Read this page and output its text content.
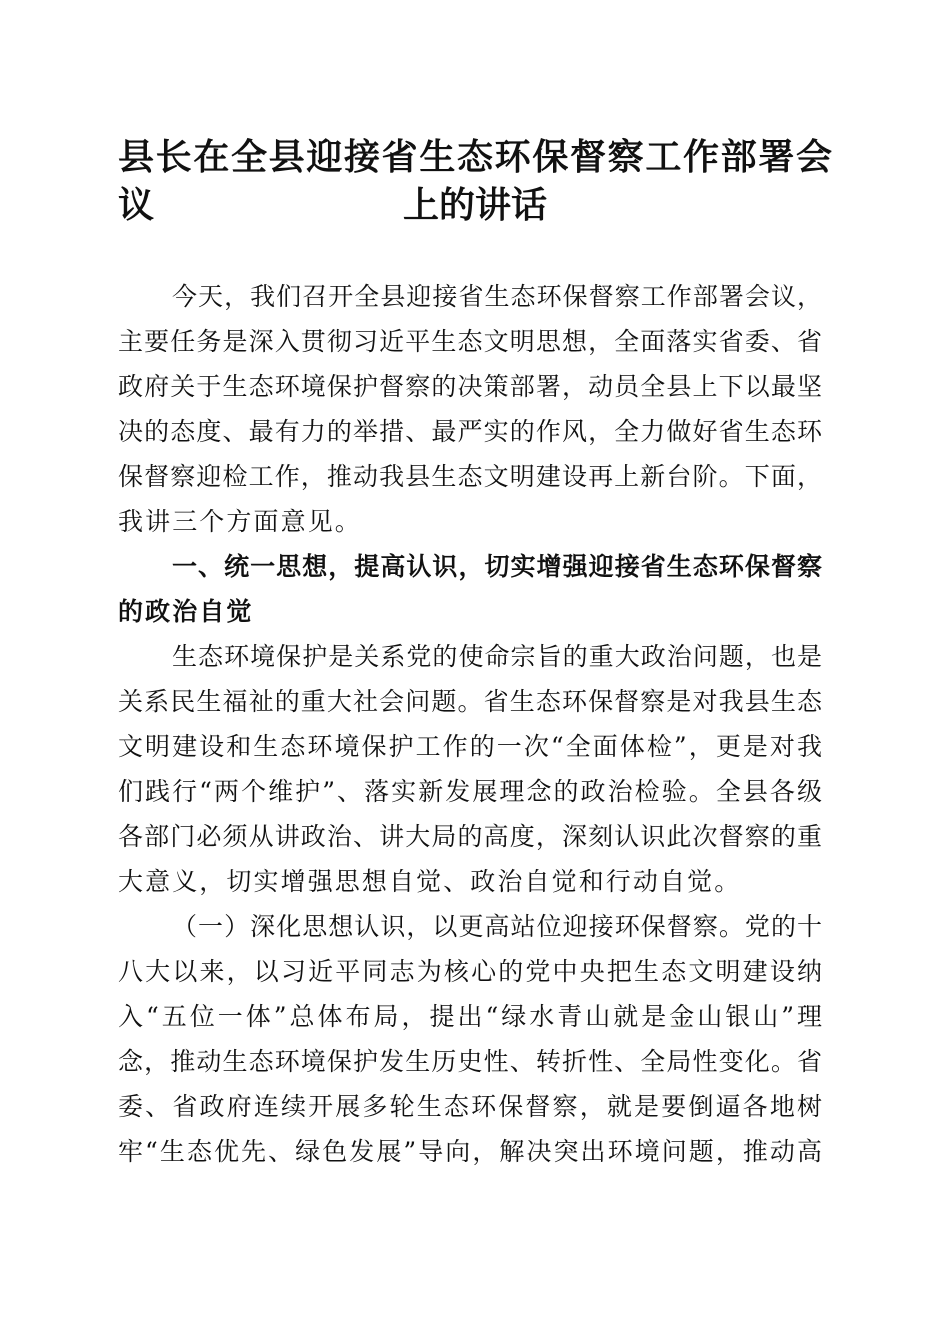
县长在全县迎接省生态环保督察工作部署会议	上的讲话
今天，我们召开全县迎接省生态环保督察工作部署会议，
主要任务是深入贯彻习近平生态文明思想，全面落实省委、省
政府关于生态环境保护督察的决策部署，动员全县上下以最坚
决的态度、最有力的举措、最严实的作风，全力做好省生态环
保督察迎检工作，推动我县生态文明建设再上新台阶。下面，
我讲三个方面意见。
一、统一思想，提高认识，切实增强迎接省生态环保督察
的政治自觉
生态环境保护是关系党的使命宗旨的重大政治问题，也是
关系民生福祉的重大社会问题。省生态环保督察是对我县生态
文明建设和生态环境保护工作的一次“全面体检”，更是对我
们践行“两个维护”、落实新发展理念的政治检验。全县各级
各部门必须从讲政治、讲大局的高度，深刻认识此次督察的重
大意义，切实增强思想自觉、政治自觉和行动自觉。
（一）深化思想认识，以更高站位迎接环保督察。党的十
八大以来，以习近平同志为核心的党中央把生态文明建设纳
入“五位一体”总体布局，提出“绿水青山就是金山银山”理
念，推动生态环境保护发生历史性、转折性、全局性变化。省
委、省政府连续开展多轮生态环保督察，就是要倒逼各地树
牢“生态优先、绿色发展”导向，解决突出环境问题，推动高
